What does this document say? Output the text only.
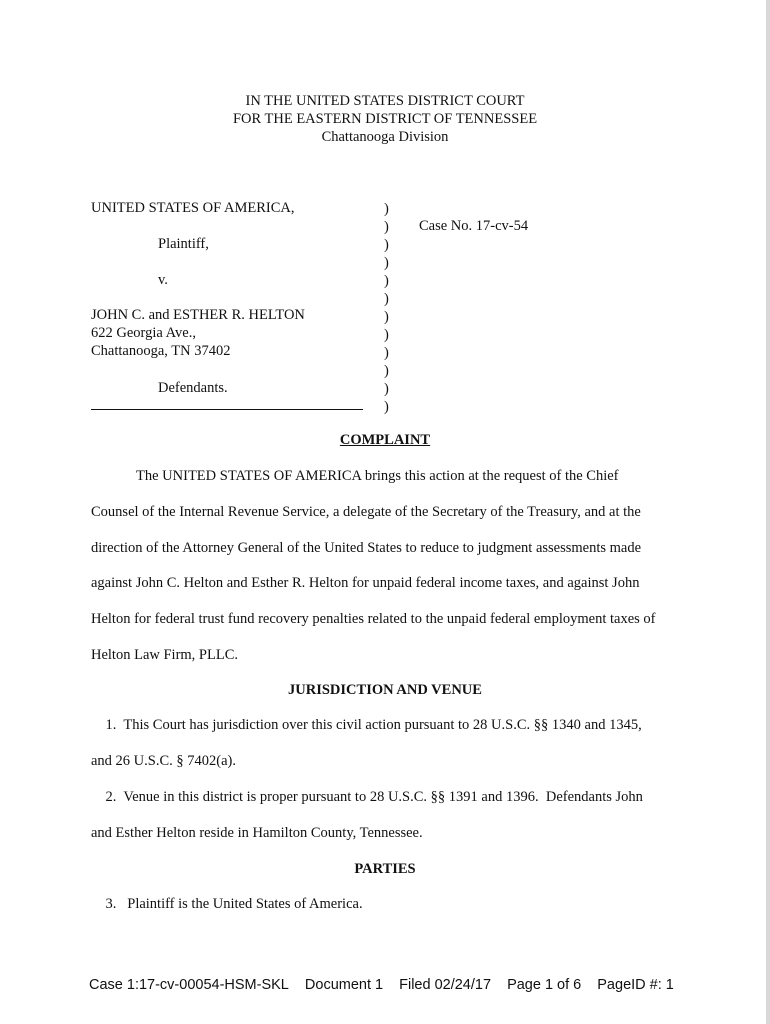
IN THE UNITED STATES DISTRICT COURT
FOR THE EASTERN DISTRICT OF TENNESSEE
Chattanooga Division
UNITED STATES OF AMERICA,
Plaintiff,
v.
JOHN C. and ESTHER R. HELTON
622 Georgia Ave.,
Chattanooga, TN 37402
Defendants.
)
)
)
)
)
)
)
)
)
)
)
)
Case No. 17-cv-54
COMPLAINT
The UNITED STATES OF AMERICA brings this action at the request of the Chief
Counsel of the Internal Revenue Service, a delegate of the Secretary of the Treasury, and at the
direction of the Attorney General of the United States to reduce to judgment assessments made
against John C. Helton and Esther R. Helton for unpaid federal income taxes, and against John
Helton for federal trust fund recovery penalties related to the unpaid federal employment taxes of
Helton Law Firm, PLLC.
JURISDICTION AND VENUE
1.  This Court has jurisdiction over this civil action pursuant to 28 U.S.C. §§ 1340 and 1345,
and 26 U.S.C. § 7402(a).
2.  Venue in this district is proper pursuant to 28 U.S.C. §§ 1391 and 1396.  Defendants John
and Esther Helton reside in Hamilton County, Tennessee.
PARTIES
3.   Plaintiff is the United States of America.
Case 1:17-cv-00054-HSM-SKL Document 1 Filed 02/24/17 Page 1 of 6 PageID #: 1
